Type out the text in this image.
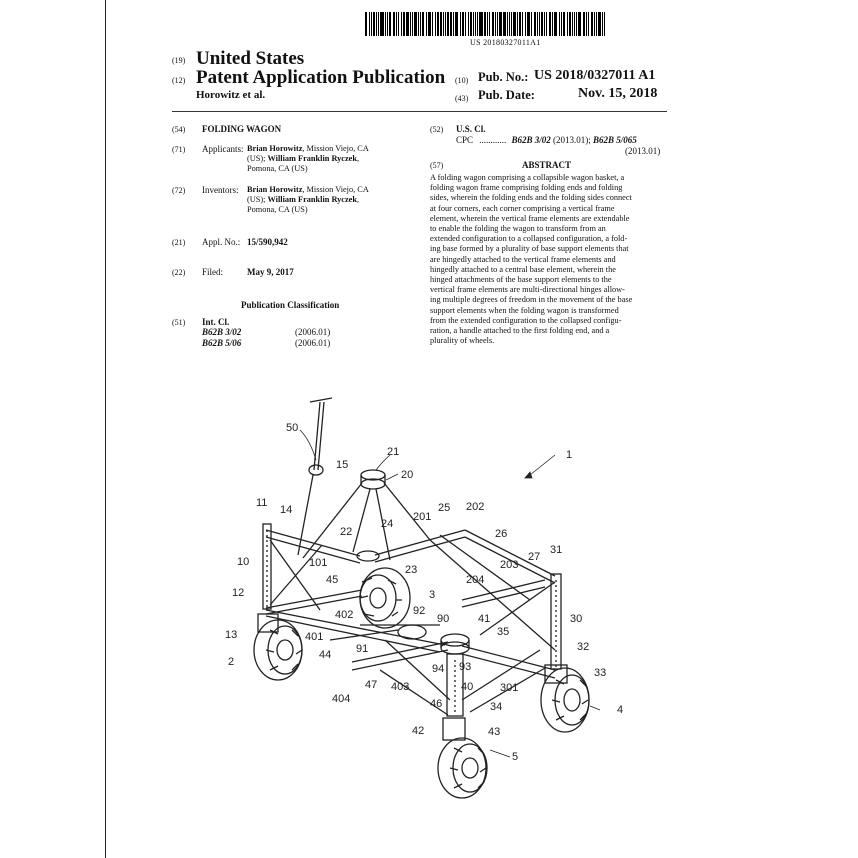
US 20180327011A1
(19) United States
(12) Patent Application Publication
Horowitz et al.
(10) Pub. No.: US 2018/0327011 A1
(43) Pub. Date:	Nov. 15, 2018
(54) FOLDING WAGON
(71) Applicants: Brian Horowitz, Mission Viejo, CA
(US); William Franklin Ryczek,
Pomona, CA (US)
(72) Inventors: Brian Horowitz, Mission Viejo, CA
(US); William Franklin Ryczek,
Pomona, CA (US)
(21) Appl. No.: 15/590,942
(22) Filed:	May 9, 2017
Publication Classification
(51) Int. Cl.
B62B 3/02	(2006.01)
B62B 5/06	(2006.01)
(52) U.S. Cl.
CPC ............ B62B 3/02 (2013.01); B62B 5/065
(2013.01)
(57)	ABSTRACT

A folding wagon comprising a collapsible wagon basket, a

folding wagon frame comprising folding ends and folding

sides, wherein the folding ends and the folding sides connect

at four corners, each corner comprising a vertical frame

element, wherein the vertical frame elements are extendable

to enable the folding the wagon to transform from an

extended configuration to a collapsed configuration, a fold-

ing base formed by a plurality of base support elements that

are hingedly attached to the vertical frame elements and

hingedly attached to a central base element, wherein the

hinged attachments of the base support elements to the

vertical frame elements are multi-directional hinges allow-

ing multiple degrees of freedom in the movement of the base

support elements when the folding wagon is transformed

from the extended configuration to the collapsed configu-

ration, a handle attached to the first folding end, and a

plurality of wheels.

50
21
15
20
1
11
14
22
24
201
25 202
26
10	101
23
27
31
203
204
12
45
3
402	92
90	41
35
30
13	401
44 91	32
33
2
47 403
94 93
301
404
40
46	34	4
42	43
5
